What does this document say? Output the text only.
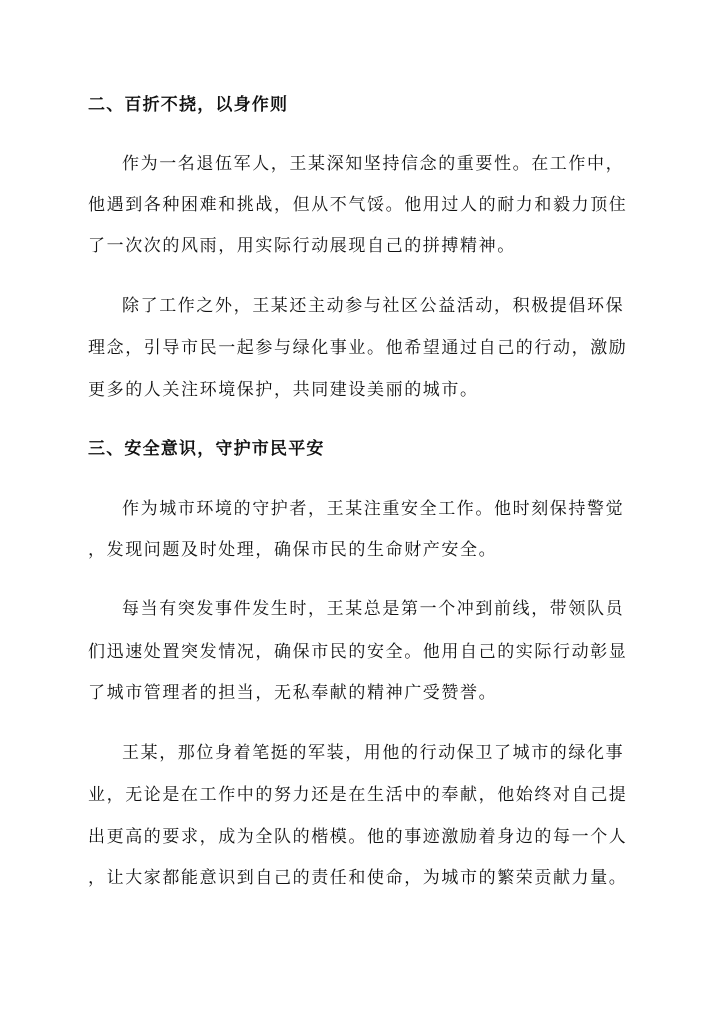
二、百折不挠，以身作则

作为一名退伍军人，王某深知坚持信念的重要性。在工作中，

他遇到各种困难和挑战，但从不气馁。他用过人的耐力和毅力顶住

了一次次的风雨，用实际行动展现自己的拼搏精神。

除了工作之外，王某还主动参与社区公益活动，积极提倡环保

理念，引导市民一起参与绿化事业。他希望通过自己的行动，激励

更多的人关注环境保护，共同建设美丽的城市。

三、安全意识，守护市民平安

作为城市环境的守护者，王某注重安全工作。他时刻保持警觉

，发现问题及时处理，确保市民的生命财产安全。

每当有突发事件发生时，王某总是第一个冲到前线，带领队员

们迅速处置突发情况，确保市民的安全。他用自己的实际行动彰显

了城市管理者的担当，无私奉献的精神广受赞誉。

王某，那位身着笔挺的军装，用他的行动保卫了城市的绿化事

业，无论是在工作中的努力还是在生活中的奉献，他始终对自己提

出更高的要求，成为全队的楷模。他的事迹激励着身边的每一个人

，让大家都能意识到自己的责任和使命，为城市的繁荣贡献力量。
